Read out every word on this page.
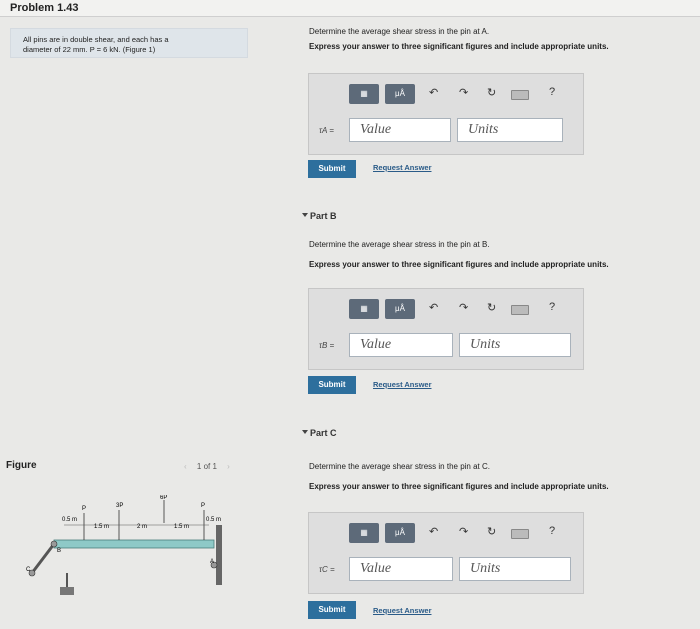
Problem 1.43
All pins are in double shear, and each has a
diameter of 22 mm. P = 6 kN. (Figure 1)
Figure	‹ 1 of 1 ›
0.5 m
1.5 m	2 m	1.5 m
0.5 m
P	3P	P
6P
A
B
C
Determine the average shear stress in the pin at A.
Express your answer to three significant figures and include appropriate units.
▦	μÅ	↶ ↷ ↻	?
τA =	Value	Units
Submit	Request Answer
Part B
Determine the average shear stress in the pin at B.
Express your answer to three significant figures and include appropriate units.
▦	μÅ	↶ ↷ ↻	?
τB =	Value	Units
Submit	Request Answer
Part C
Determine the average shear stress in the pin at C.
Express your answer to three significant figures and include appropriate units.
▦	μÅ	↶ ↷ ↻	?
τC =	Value	Units
Submit	Request Answer
